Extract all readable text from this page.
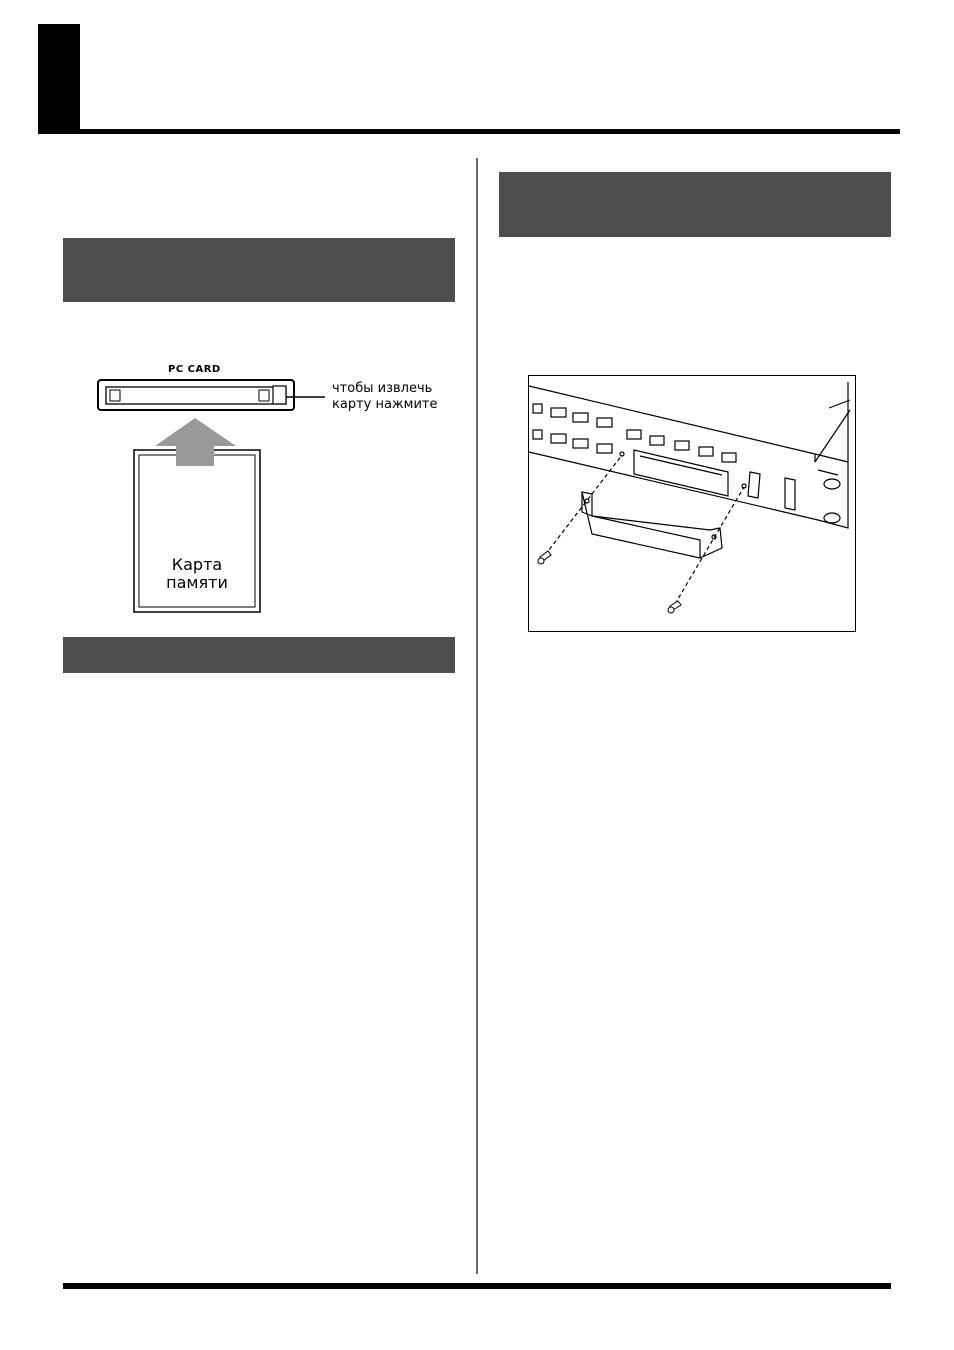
PC CARD
чтобы извлечь
карту нажмите
Карта
памяти
